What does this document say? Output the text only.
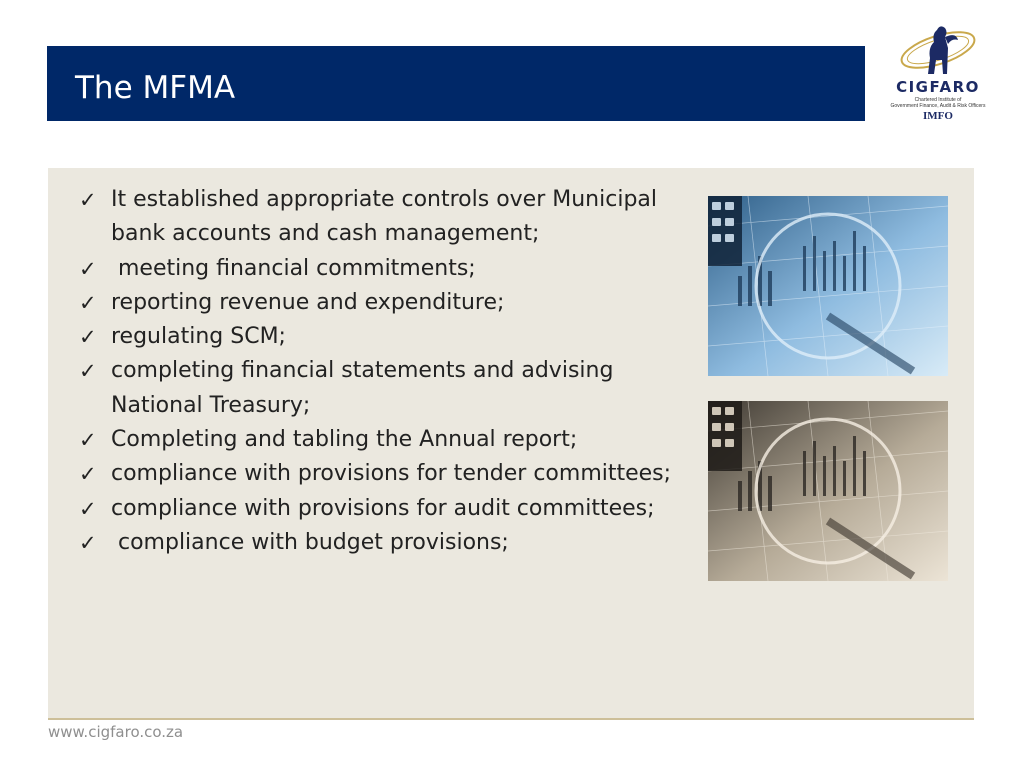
The MFMA	CIGFARO
Chartered Institute of
Government Finance, Audit & Risk Officers
IMFO
✓ It established appropriate controls over Municipal bank accounts and cash management;
✓ meeting financial commitments;
✓ reporting revenue and expenditure;
✓ regulating SCM;
✓ completing financial statements and advising National Treasury;
✓ Completing and tabling the Annual report;
✓ compliance with provisions for tender committees;
✓ compliance with provisions for audit committees;
✓ compliance with budget provisions;
www.cigfaro.co.za
